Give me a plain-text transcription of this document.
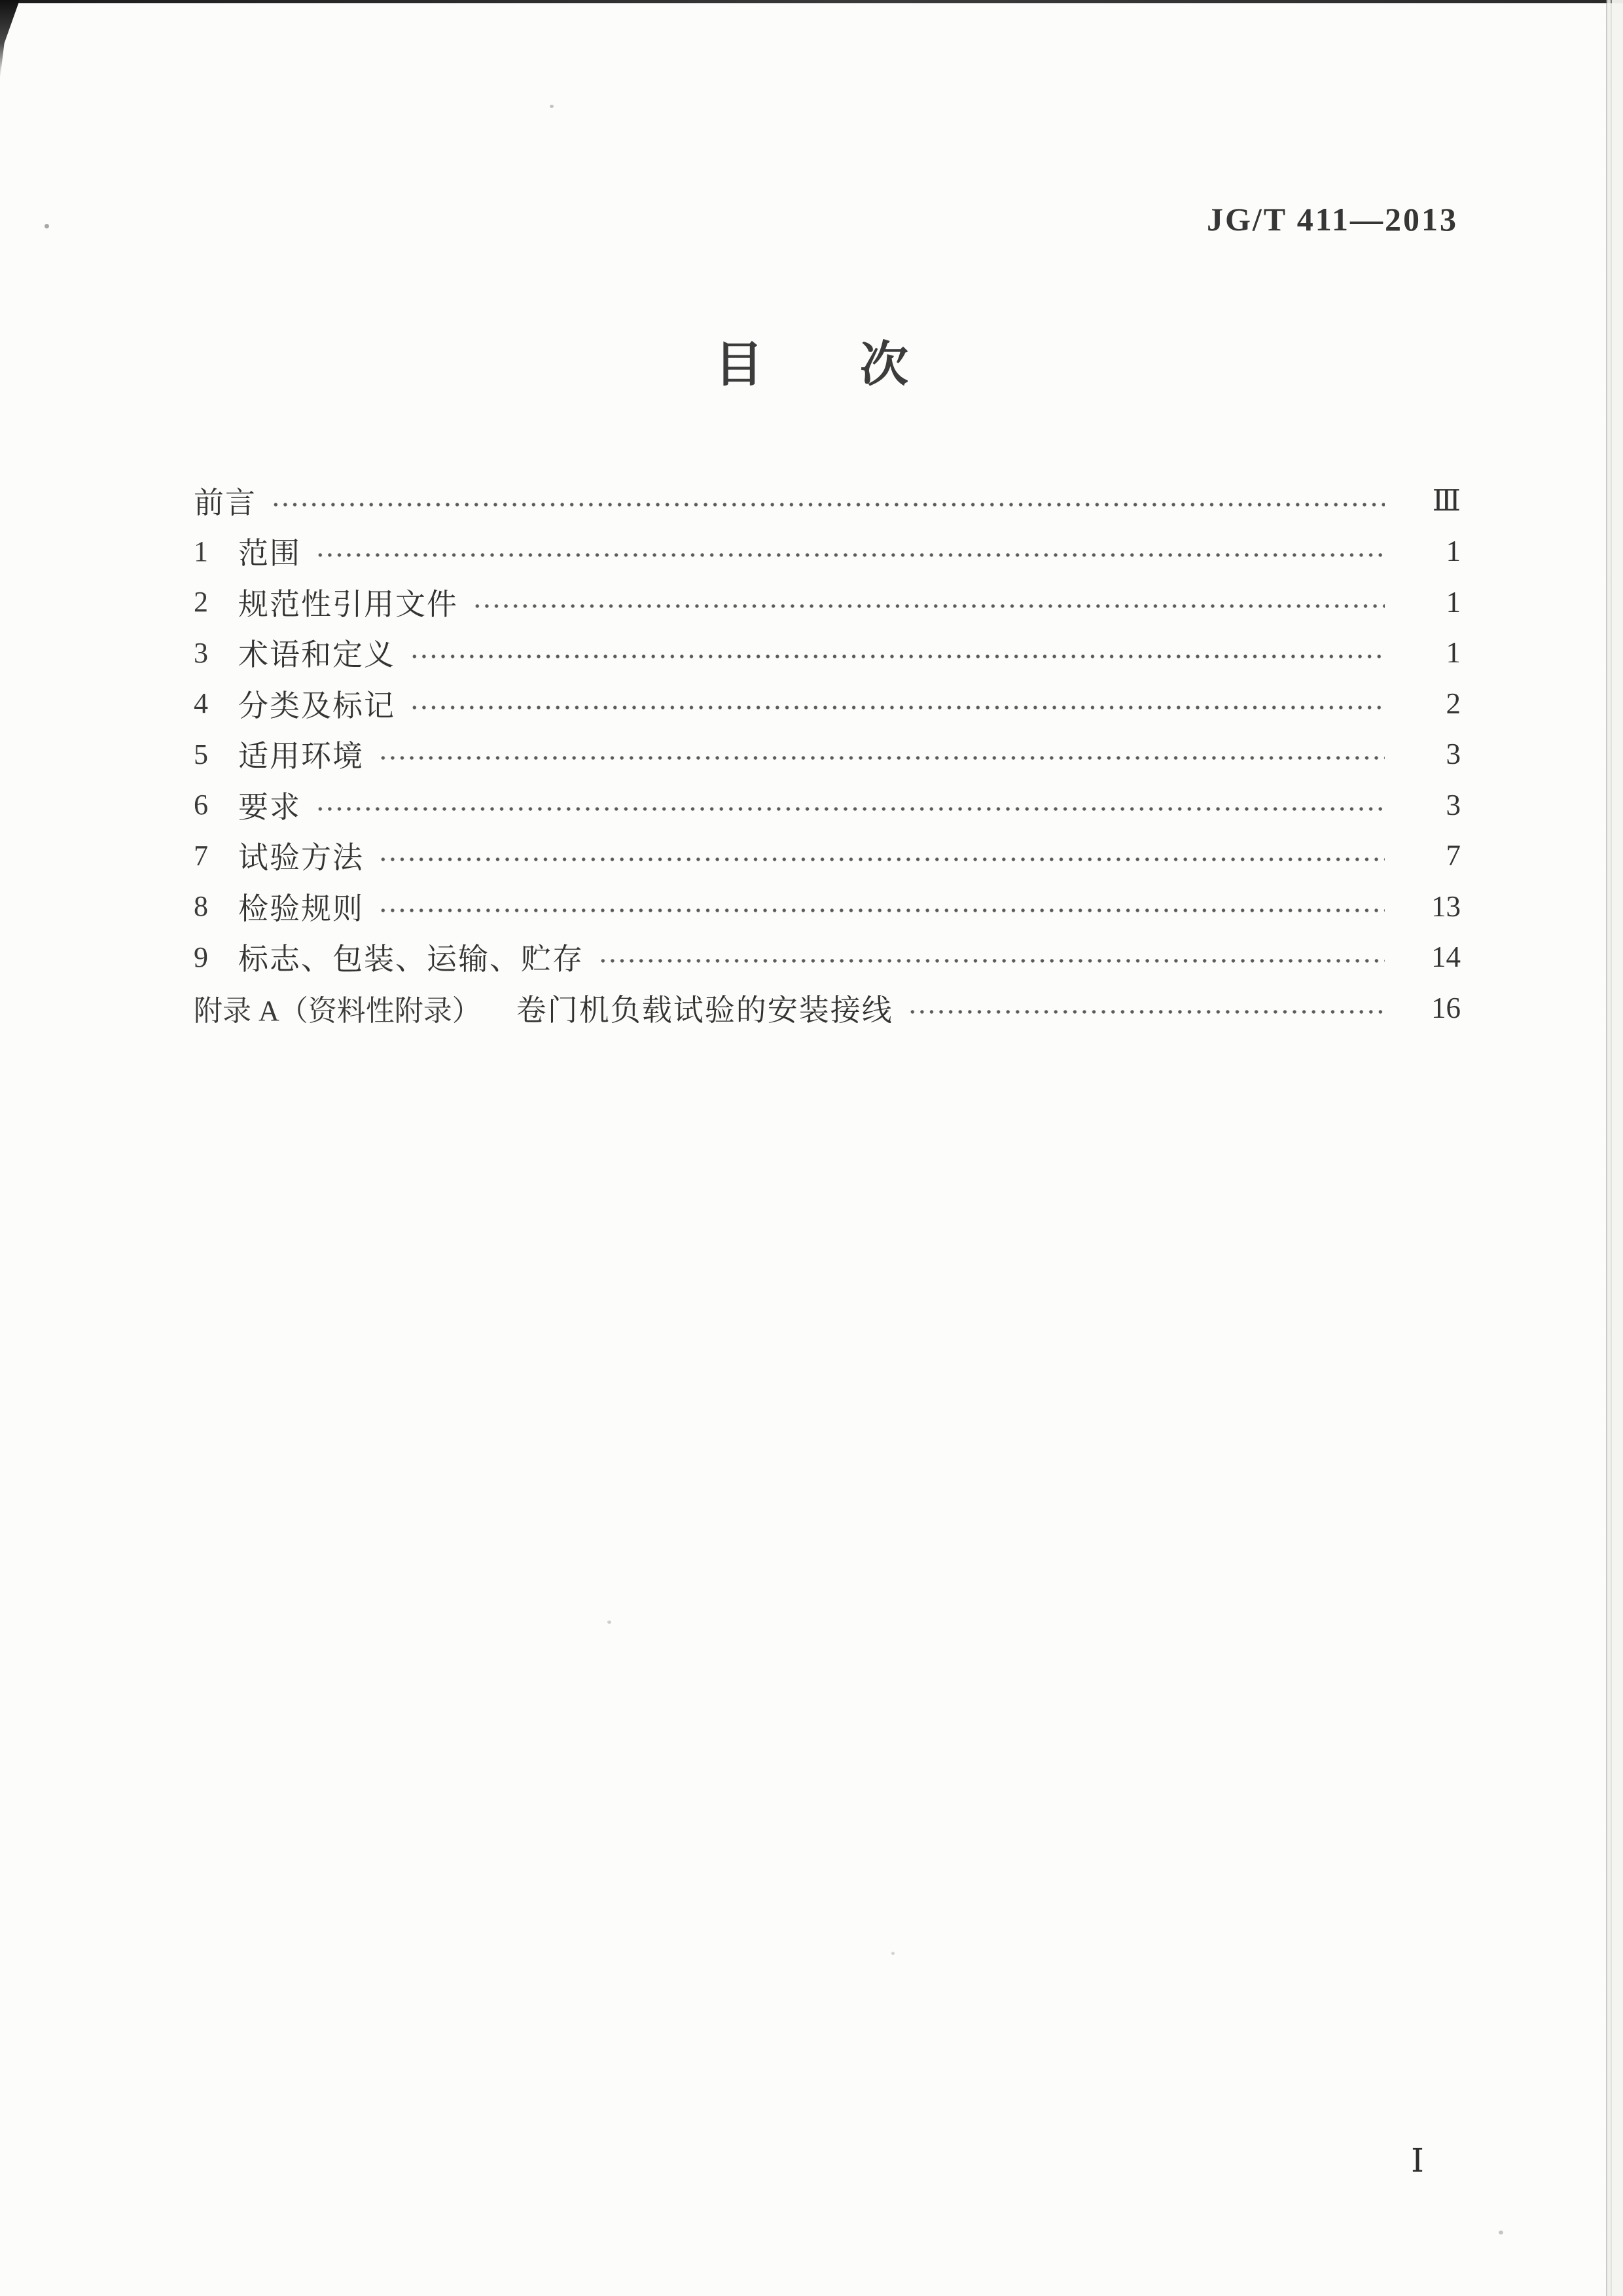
JG/T 411—2013
目次
前言	Ⅲ
1	范围	1
2	规范性引用文件	1
3	术语和定义	1
4	分类及标记	2
5	适用环境	3
6	要求	3
7	试验方法	7
8	检验规则	13
9	标志、包装、运输、贮存	14
附录 A（资料性附录） 卷门机负载试验的安装接线	16
Ⅰ
